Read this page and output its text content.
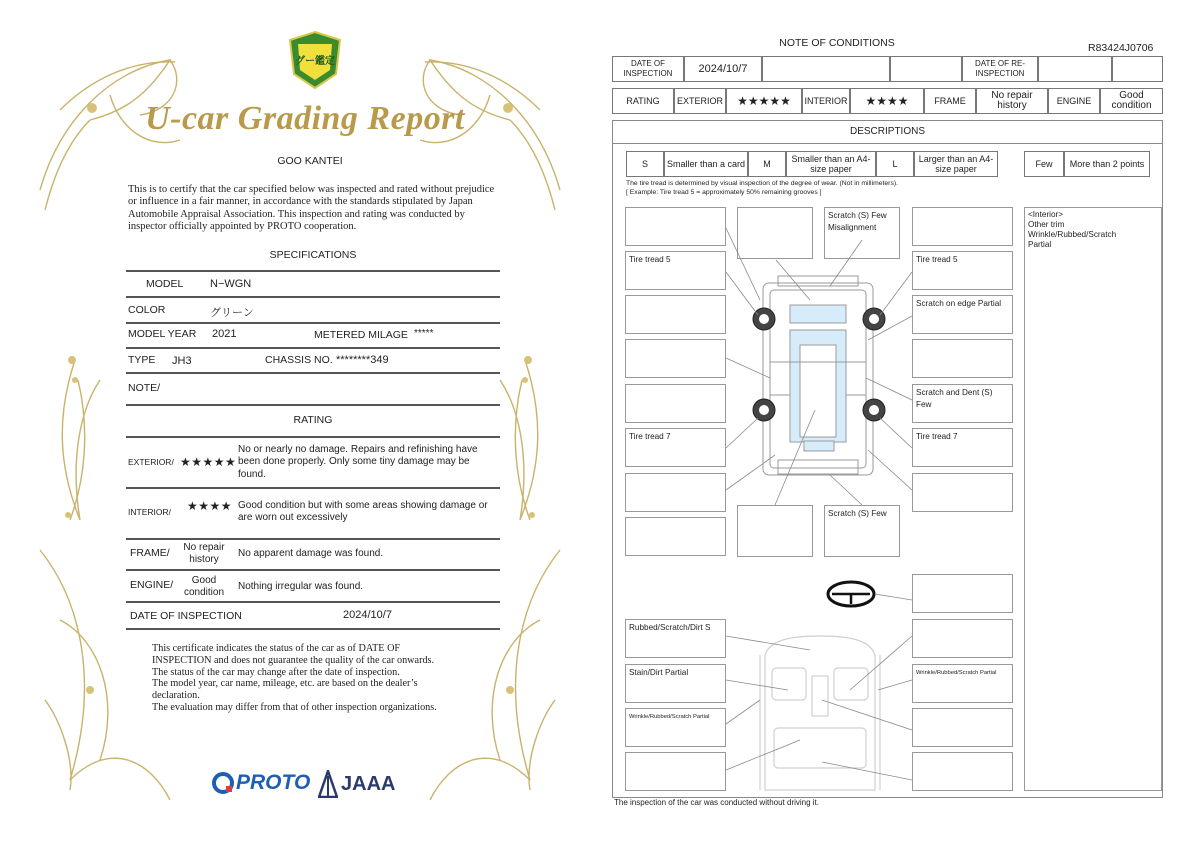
グー鑑定
U-car Grading Report
GOO KANTEI
This is to certify that the car specified below was inspected and rated without prejudice or influence in a fair manner, in accordance with the standards stipulated by Japan Automobile Appraisal Association. This inspection and rating was conducted by inspector officially appointed by PROTO cooperation.
SPECIFICATIONS
MODEL N−WGN
COLOR	グリーン
MODEL YEAR 2021	METERED MILAGE *****
TYPE JH3	CHASSIS NO. ********349
NOTE/
RATING
EXTERIOR/ ★★★★★
No or nearly no damage. Repairs and refinishing have been done properly. Only some tiny damage may be found.
INTERIOR/ ★★★★ Good condition but with some areas showing damage or are worn out excessively
FRAME/	No repair history
No apparent damage was found.
ENGINE/	Good condition
Nothing irregular was found.
DATE OF INSPECTION	2024/10/7
This certificate indicates the status of the car as of DATE OF
INSPECTION and does not guarantee the quality of the car onwards.
The status of the car may change after the date of inspection.
The model year, car name, mileage, etc. are based on the dealer’s
declaration.
The evaluation may differ from that of other inspection organizations.
PROTO JAAA
NOTE OF CONDITIONS	R83424J0706
DATE OF INSPECTION	2024/10/7	DATE OF RE-INSPECTION
RATING	EXTERIOR	★★★★★	INTERIOR	★★★★	FRAME	No repair history	ENGINE	Good condition
DESCRIPTIONS
S	Smaller than a card	M	Smaller than an A4-size paper	L	Larger than an A4-size paper	Few	More than 2 points
The tire tread is determined by visual inspection of the degree of wear. (Not in millimeters).
[ Example: Tire tread 5 = approximately 50% remaining grooves ]
Scratch (S) Few Misalignment
Tire tread 5	Tire tread 5
Scratch on edge Partial
Scratch and Dent (S) Few
Tire tread 7	Tire tread 7
Scratch (S) Few
<Interior>
Other trim
Wrinkle/Rubbed/Scratch
Partial
Rubbed/Scratch/Dirt S
Stain/Dirt Partial	Wrinkle/Rubbed/Scratch Partial
Wrinkle/Rubbed/Scratch Partial
The inspection of the car was conducted without driving it.
